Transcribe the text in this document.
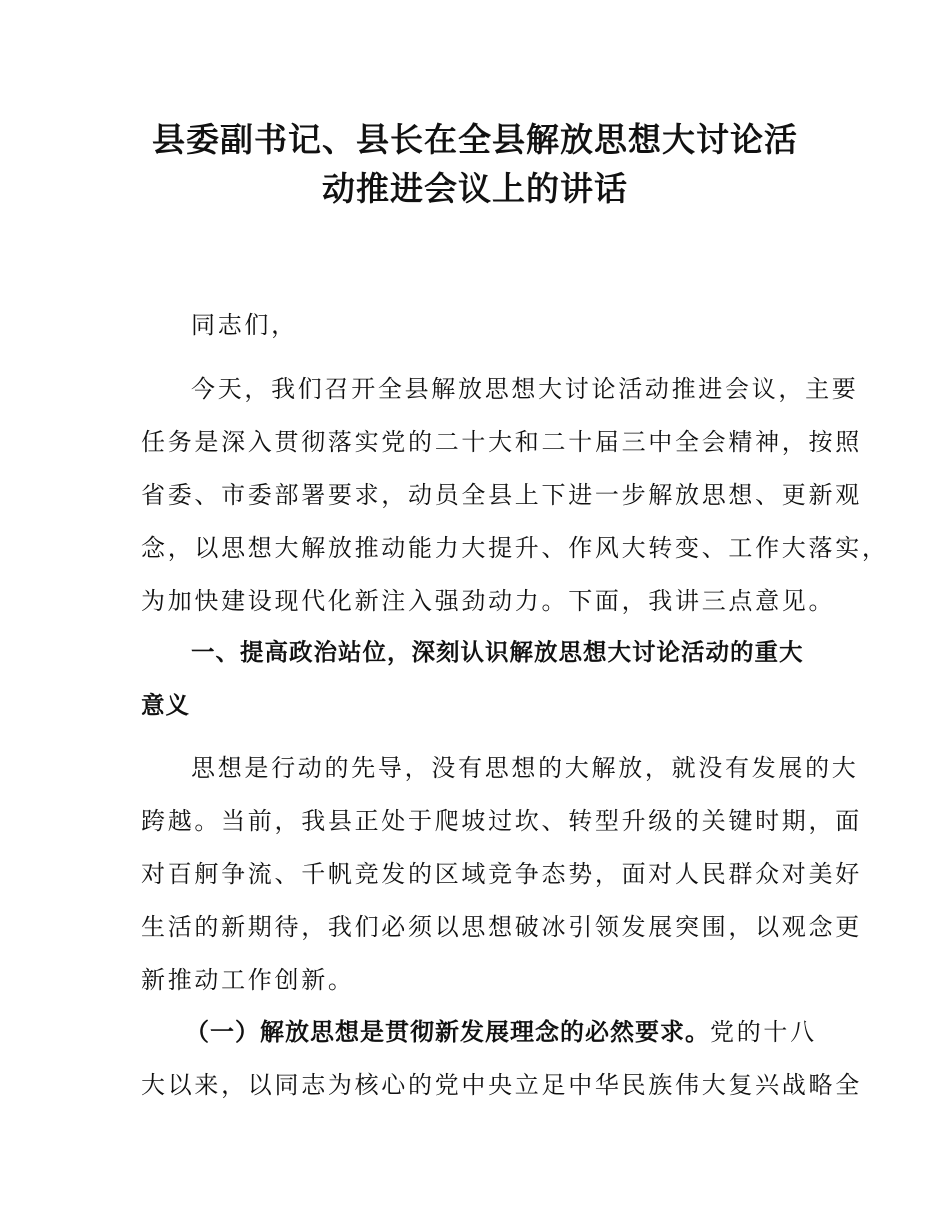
县委副书记、县长在全县解放思想大讨论活
动推进会议上的讲话

同志们，

今天，我们召开全县解放思想大讨论活动推进会议，主要
任务是深入贯彻落实党的二十大和二十届三中全会精神，按照
省委、市委部署要求，动员全县上下进一步解放思想、更新观
念，以思想大解放推动能力大提升、作风大转变、工作大落实，
为加快建设现代化新注入强劲动力。下面，我讲三点意见。

一、提高政治站位，深刻认识解放思想大讨论活动的重大
意义

思想是行动的先导，没有思想的大解放，就没有发展的大
跨越。当前，我县正处于爬坡过坎、转型升级的关键时期，面
对百舸争流、千帆竞发的区域竞争态势，面对人民群众对美好
生活的新期待，我们必须以思想破冰引领发展突围，以观念更
新推动工作创新。

（一）解放思想是贯彻新发展理念的必然要求。党的十八
大以来，以同志为核心的党中央立足中华民族伟大复兴战略全
